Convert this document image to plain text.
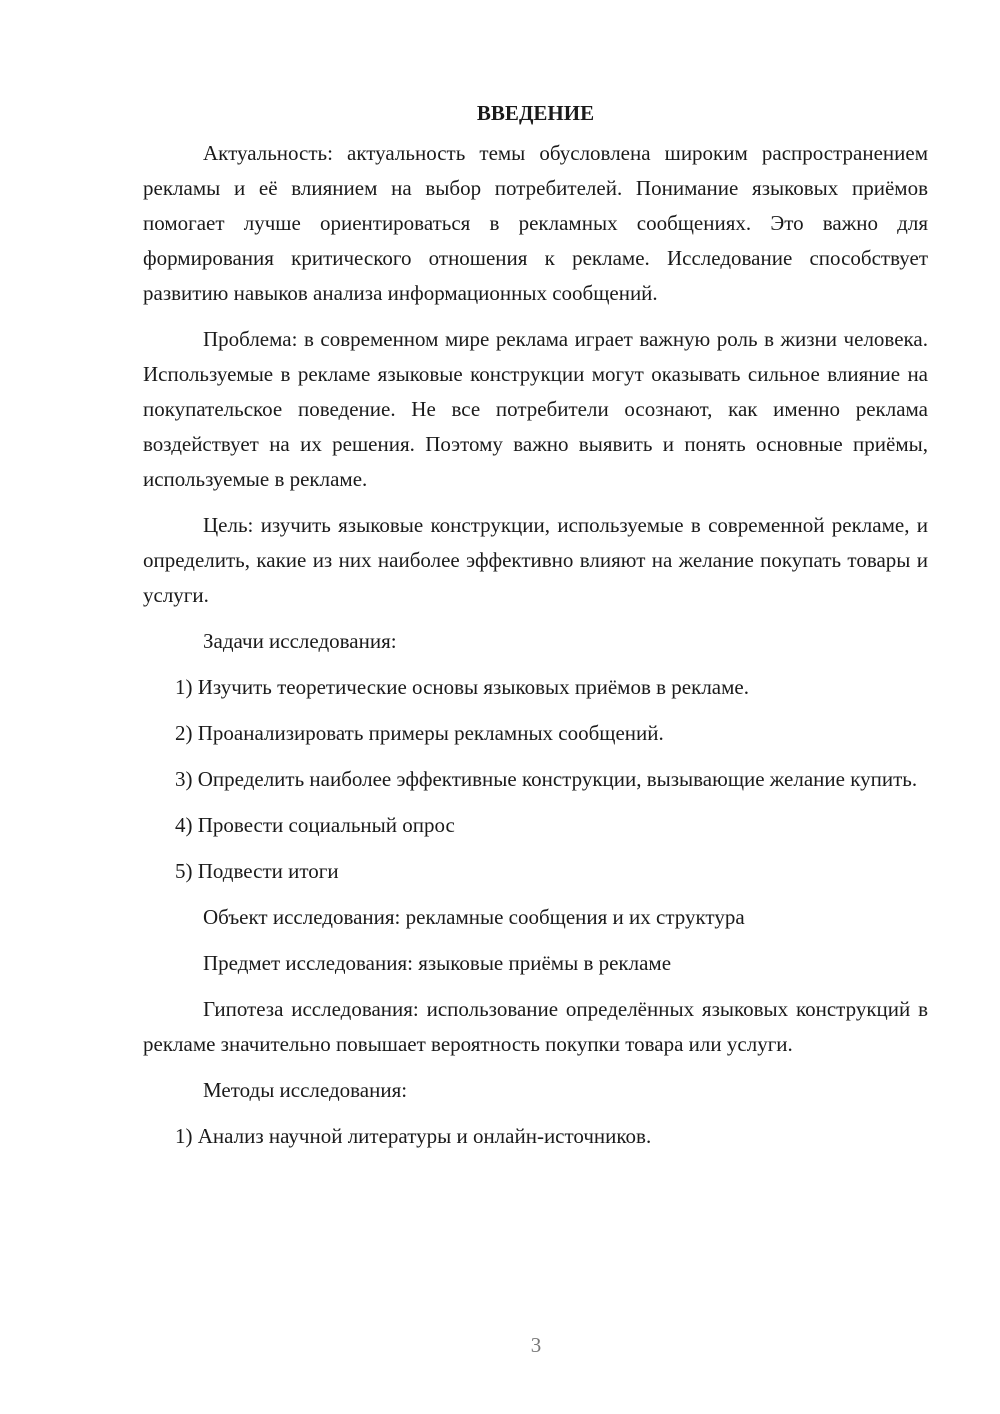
ВВЕДЕНИЕ

Актуальность: актуальность темы обусловлена широким распространением рекламы и её влиянием на выбор потребителей. Понимание языковых приёмов помогает лучше ориентироваться в рекламных сообщениях. Это важно для формирования критического отношения к рекламе. Исследование способствует развитию навыков анализа информационных сообщений.

Проблема: в современном мире реклама играет важную роль в жизни человека. Используемые в рекламе языковые конструкции могут оказывать сильное влияние на покупательское поведение. Не все потребители осознают, как именно реклама воздействует на их решения. Поэтому важно выявить и понять основные приёмы, используемые в рекламе.

Цель: изучить языковые конструкции, используемые в современной рекламе, и определить, какие из них наиболее эффективно влияют на желание покупать товары и услуги.

Задачи исследования:

1) Изучить теоретические основы языковых приёмов в рекламе.

2) Проанализировать примеры рекламных сообщений.

3) Определить наиболее эффективные конструкции, вызывающие желание купить.

4) Провести социальный опрос

5) Подвести итоги

Объект исследования: рекламные сообщения и их структура

Предмет исследования: языковые приёмы в рекламе

Гипотеза исследования: использование определённых языковых конструкций в рекламе значительно повышает вероятность покупки товара или услуги.

Методы исследования:

1) Анализ научной литературы и онлайн-источников.

3
